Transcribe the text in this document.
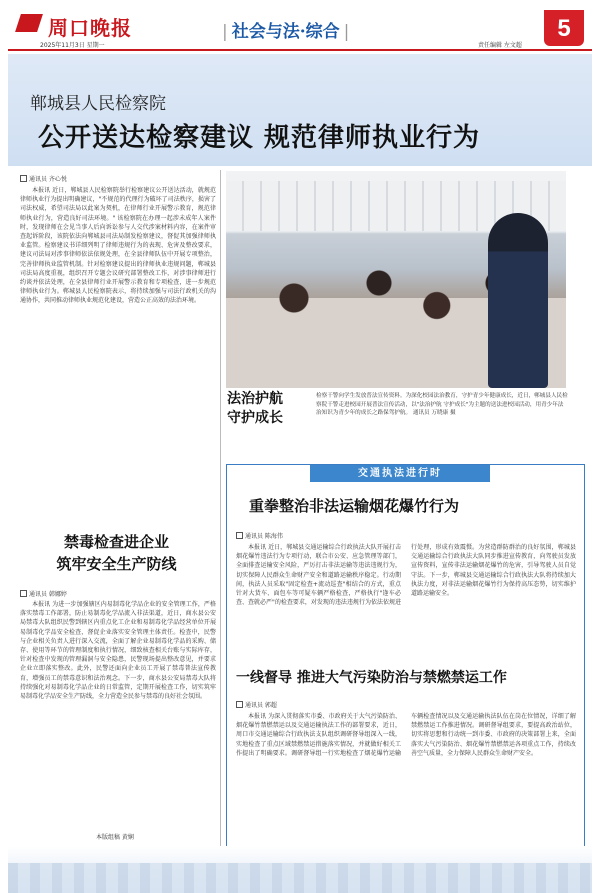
周口晚报
2025年11月3日 星期一
| 社会与法·综合 |
责任编辑 左文超
5
郸城县人民检察院
公开送达检察建议 规范律师执业行为
通讯员 齐心悦
本报讯 近日，郸城县人民检察院举行检察建议公开送达活动，就规范律师执业行为提出明确建议，"不规范的代理行为破坏了司法秩序，损害了司法权威，希望司法局以此案为契机，在律师行业开展警示教育，规范律师执业行为，营造良好司法环境。" 该检察院在办理一起涉未成年人案件时，发现律师在会见当事人后向诉讼参与人交代涉案材料内容，在案件审查起诉阶段，该院依法向郸城县司法局制发检察建议，督促其加强律师执业监管。检察建议书详细列明了律师违规行为的表现、危害及整改要求，建议司法局对涉事律师依法依规处理，在全县律师队伍中开展专项整治，完善律师执业监管机制。针对检察建议提出的律师执业违规问题，郸城县司法局高度重视，组织召开专题会议研究部署整改工作，对涉事律师进行约谈并依法处理，在全县律师行业开展警示教育和专项检查，进一步规范律师执业行为。郸城县人民检察院表示，将持续加强与司法行政机关的沟通协作，共同推动律师执业规范化建设，营造公正高效的法治环境。
法治护航
守护成长
检察干警向学生发放普法宣传资料。为深化校园法治教育，守护青少年健康成长，近日，郸城县人民检察院干警走进校园开展普法宣传活动，以"法治护航 守护成长"为主题的送法进校园活动，用青少年法治知识为青少年的成长之路保驾护航。 通讯员 万晓康 摄
禁毒检查进企业
筑牢安全生产防线
通讯员 韩娜婷
本报讯 为进一步加强辖区内易制毒化学品企业的安全管理工作，严格落实禁毒工作部署，防止易制毒化学品流入非法渠道，近日，商水县公安局禁毒大队组织民警到辖区内重点化工企业和易制毒化学品经营单位开展易制毒化学品安全检查，督促企业落实安全管理主体责任。检查中，民警与企业相关负责人进行深入交流，全面了解企业易制毒化学品的采购、储存、使用等环节的管理制度和执行情况，细致核查相关台账与实际库存，针对检查中发现的管理漏洞与安全隐患，民警现场提出整改意见，并要求企业立即落实整改。此外，民警还面向企业员工开展了禁毒普法宣传教育，增强员工的禁毒意识和法治观念。下一步，商水县公安局禁毒大队将持续强化对易制毒化学品企业的日常监管，定期开展检查工作，切实筑牢易制毒化学品安全生产防线，全力营造全民参与禁毒的良好社会氛围。
本版组稿 黄娴
交通执法进行时
重拳整治非法运输烟花爆竹行为
通讯员 陈海伟
本报讯 近日，郸城县交通运输综合行政执法大队开展打击烟花爆竹违法行为专项行动，联合市公安、应急管理等部门，全面排查运输安全风险，严厉打击非法运输等违法违规行为，切实保障人民群众生命财产安全和道路运输秩序稳定。行动期间，执法人员采取"固定检查+流动巡查"相结合的方式，重点针对大货车、面包车等可疑车辆严格检查，严格执行"逢车必查、查就必严"的检查要求，对发现的违法违规行为依法依规进行处理，形成有效震慑。为营造群防群治的良好氛围，郸城县交通运输综合行政执法大队同步推进宣传教育，向驾驶员发放宣传资料，宣传非法运输烟花爆竹的危害，引导驾驶人员自觉守法。下一步，郸城县交通运输综合行政执法大队将持续加大执法力度，对非法运输烟花爆竹行为保持高压态势，切实维护道路运输安全。
一线督导 推进大气污染防治与禁燃禁运工作
通讯员 郭超
本报讯 为深入贯彻落实市委、市政府关于大气污染防治、烟花爆竹禁燃禁运以及交通运输执法工作的部署要求，近日，周口市交通运输综合行政执法支队组织调研督导组深入一线，实地检查了重点区域禁燃禁运措施落实情况，并就做好相关工作提出了明确要求。调研督导组一行实地检查了烟花爆竹运输车辆检查情况以及交通运输执法队伍在岗在位情况，详细了解禁燃禁运工作推进情况。调研督导组要求，要提高政治站位，切实将思想和行动统一到市委、市政府的决策部署上来，全面落实大气污染防治、烟花爆竹禁燃禁运各项重点工作，持续改善空气质量，全力保障人民群众生命财产安全。
